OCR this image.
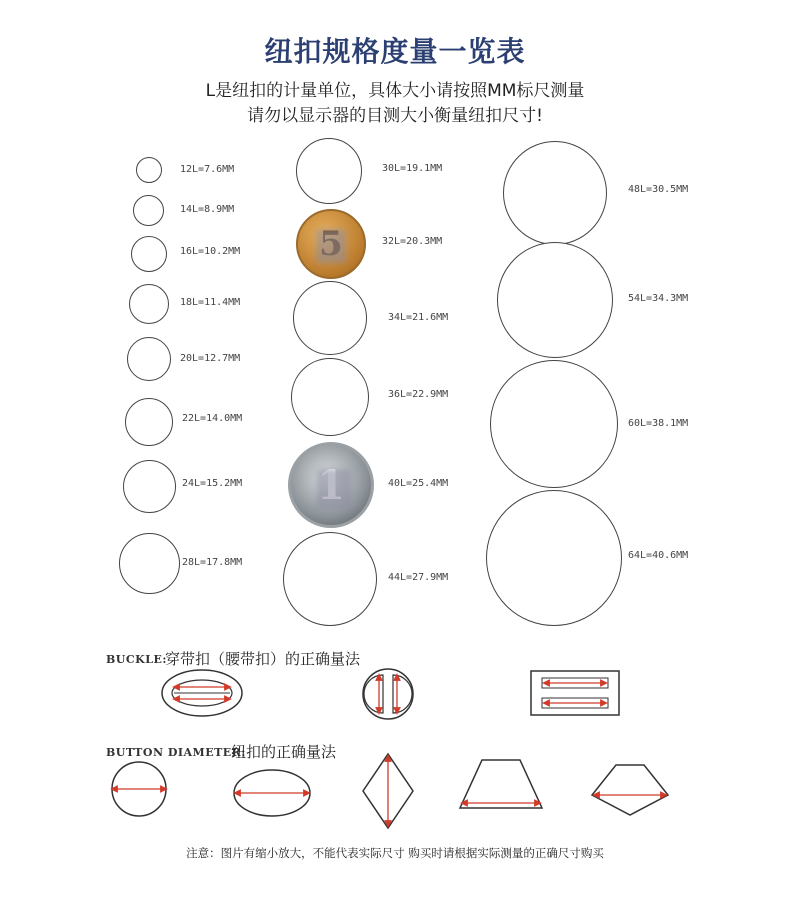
纽扣规格度量一览表
L是纽扣的计量单位，具体大小请按照MM标尺测量
请勿以显示器的目测大小衡量纽扣尺寸!
12L=7.6MM
14L=8.9MM
16L=10.2MM
18L=11.4MM
20L=12.7MM
22L=14.0MM
24L=15.2MM
28L=17.8MM
30L=19.1MM
32L=20.3MM
34L=21.6MM
36L=22.9MM
40L=25.4MM
44L=27.9MM
48L=30.5MM
54L=34.3MM
60L=38.1MM
64L=40.6MM
BUCKLE:
穿带扣（腰带扣）的正确量法
BUTTON DIAMETER:
纽扣的正确量法
注意：图片有缩小放大，不能代表实际尺寸 购买时请根据实际测量的正确尺寸购买
